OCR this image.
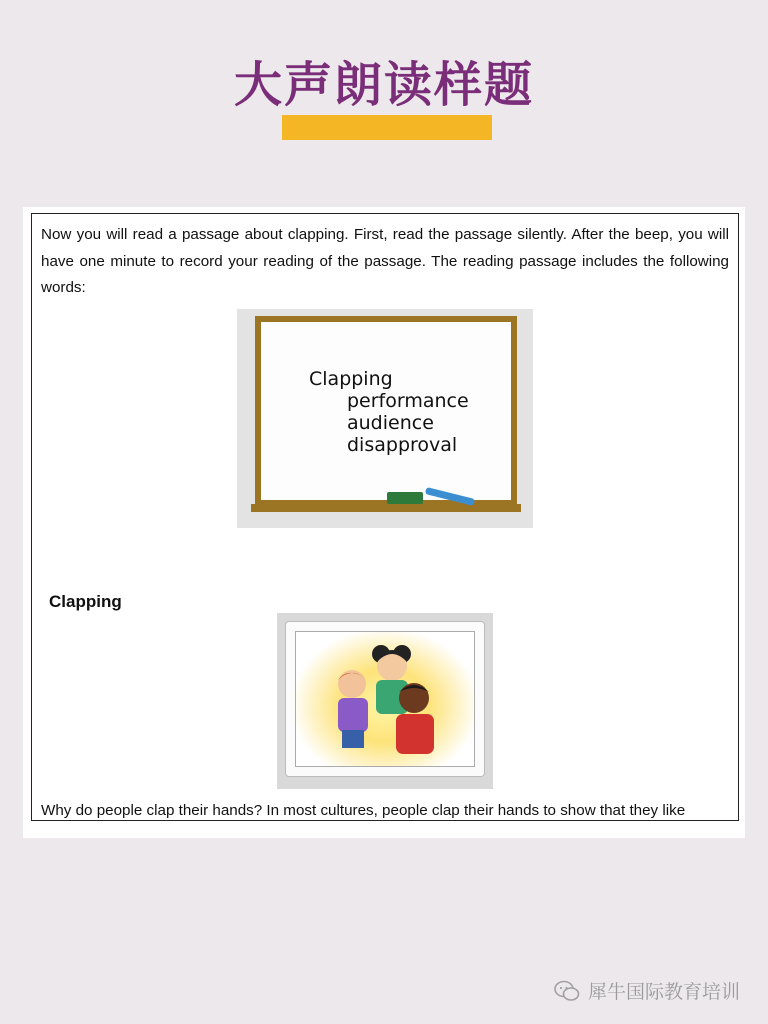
大声朗读样题

Now you will read a passage about clapping. First, read the passage silently. After the beep, you will have one minute to record your reading of the passage. The reading passage includes the following words:

Clapping
performance
audience
disapproval
Clapping
Why do people clap their hands? In most cultures, people clap their hands to show that they like
犀牛国际教育培训
